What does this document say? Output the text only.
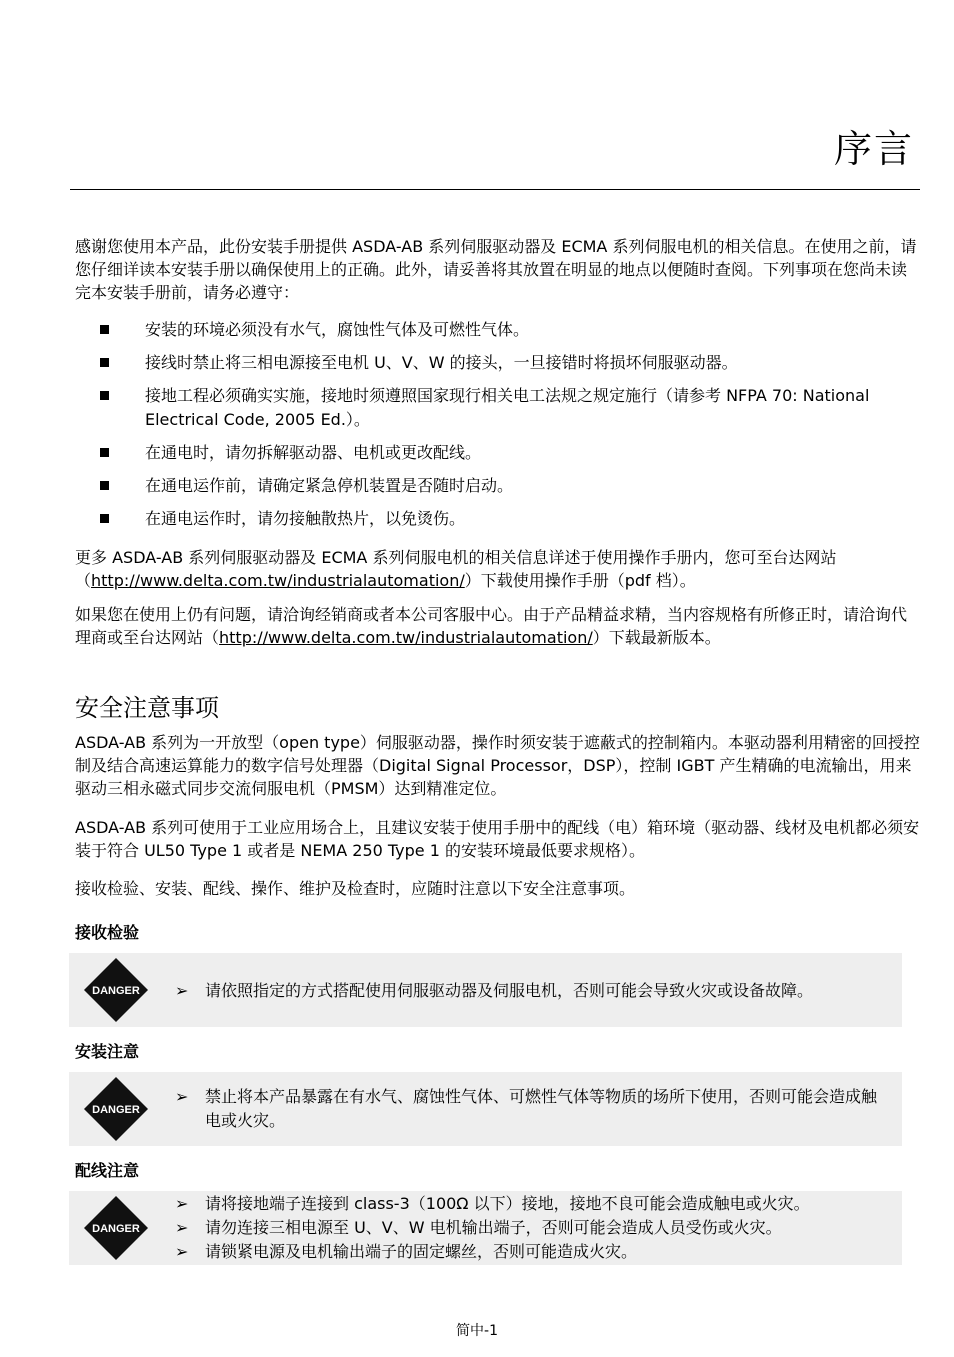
序言
感谢您使用本产品，此份安装手册提供 ASDA-AB 系列伺服驱动器及 ECMA 系列伺服电机的相关信息。在使用之前，请您仔细详读本安装手册以确保使用上的正确。此外，请妥善将其放置在明显的地点以便随时查阅。下列事项在您尚未读完本安装手册前，请务必遵守：
安装的环境必须没有水气，腐蚀性气体及可燃性气体。
接线时禁止将三相电源接至电机 U、V、W 的接头，一旦接错时将损坏伺服驱动器。
接地工程必须确实实施，接地时须遵照国家现行相关电工法规之规定施行（请参考 NFPA 70: National Electrical Code, 2005 Ed.）。
在通电时，请勿拆解驱动器、电机或更改配线。
在通电运作前，请确定紧急停机装置是否随时启动。
在通电运作时，请勿接触散热片，以免烫伤。
更多 ASDA-AB 系列伺服驱动器及 ECMA 系列伺服电机的相关信息详述于使用操作手册内，您可至台达网站（http://www.delta.com.tw/industrialautomation/）下载使用操作手册（pdf 档）。
如果您在使用上仍有问题，请洽询经销商或者本公司客服中心。由于产品精益求精，当内容规格有所修正时，请洽询代理商或至台达网站（http://www.delta.com.tw/industrialautomation/）下载最新版本。
安全注意事项
ASDA-AB 系列为一开放型（open type）伺服驱动器，操作时须安装于遮蔽式的控制箱内。本驱动器利用精密的回授控制及结合高速运算能力的数字信号处理器（Digital Signal Processor，DSP），控制 IGBT 产生精确的电流输出，用来驱动三相永磁式同步交流伺服电机（PMSM）达到精准定位。
ASDA-AB 系列可使用于工业应用场合上，且建议安装于使用手册中的配线（电）箱环境（驱动器、线材及电机都必须安装于符合 UL50 Type 1 或者是 NEMA 250 Type 1 的安装环境最低要求规格）。
接收检验、安装、配线、操作、维护及检查时，应随时注意以下安全注意事项。
接收检验
DANGER ➢ 请依照指定的方式搭配使用伺服驱动器及伺服电机，否则可能会导致火灾或设备故障。
安装注意
DANGER
➢ 禁止将本产品暴露在有水气、腐蚀性气体、可燃性气体等物质的场所下使用，否则可能会造成触电或火灾。
配线注意
DANGER
➢ 请将接地端子连接到 class-3（100Ω 以下）接地，接地不良可能会造成触电或火灾。
➢ 请勿连接三相电源至 U、V、W 电机输出端子，否则可能会造成人员受伤或火灾。
➢ 请锁紧电源及电机输出端子的固定螺丝，否则可能造成火灾。
简中-1
